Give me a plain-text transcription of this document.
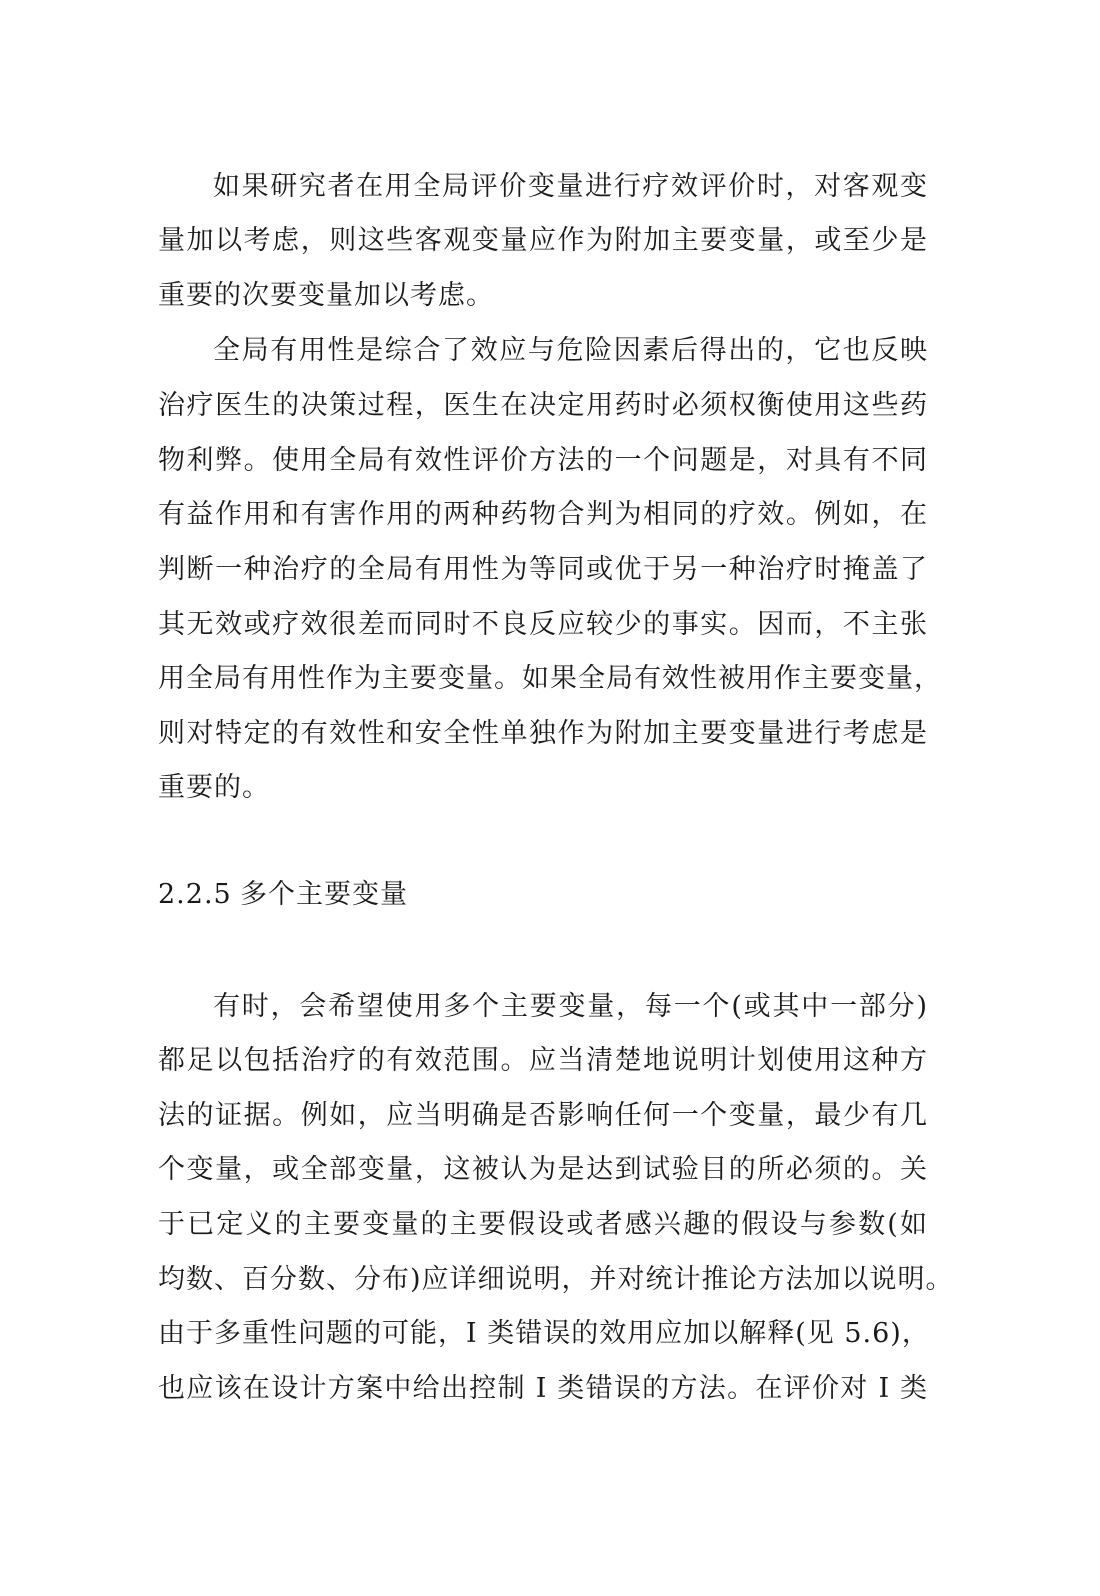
如果研究者在用全局评价变量进行疗效评价时，对客观变
量加以考虑，则这些客观变量应作为附加主要变量，或至少是
重要的次要变量加以考虑。
全局有用性是综合了效应与危险因素后得出的，它也反映
治疗医生的决策过程，医生在决定用药时必须权衡使用这些药
物利弊。使用全局有效性评价方法的一个问题是，对具有不同
有益作用和有害作用的两种药物合判为相同的疗效。例如，在
判断一种治疗的全局有用性为等同或优于另一种治疗时掩盖了
其无效或疗效很差而同时不良反应较少的事实。因而，不主张
用全局有用性作为主要变量。如果全局有效性被用作主要变量，
则对特定的有效性和安全性单独作为附加主要变量进行考虑是
重要的。
2.2.5 多个主要变量
有时，会希望使用多个主要变量，每一个(或其中一部分)
都足以包括治疗的有效范围。应当清楚地说明计划使用这种方
法的证据。例如，应当明确是否影响任何一个变量，最少有几
个变量，或全部变量，这被认为是达到试验目的所必须的。关
于已定义的主要变量的主要假设或者感兴趣的假设与参数(如
均数、百分数、分布)应详细说明，并对统计推论方法加以说明。
由于多重性问题的可能，I 类错误的效用应加以解释(见 5.6)，
也应该在设计方案中给出控制 I 类错误的方法。在评价对 I 类
